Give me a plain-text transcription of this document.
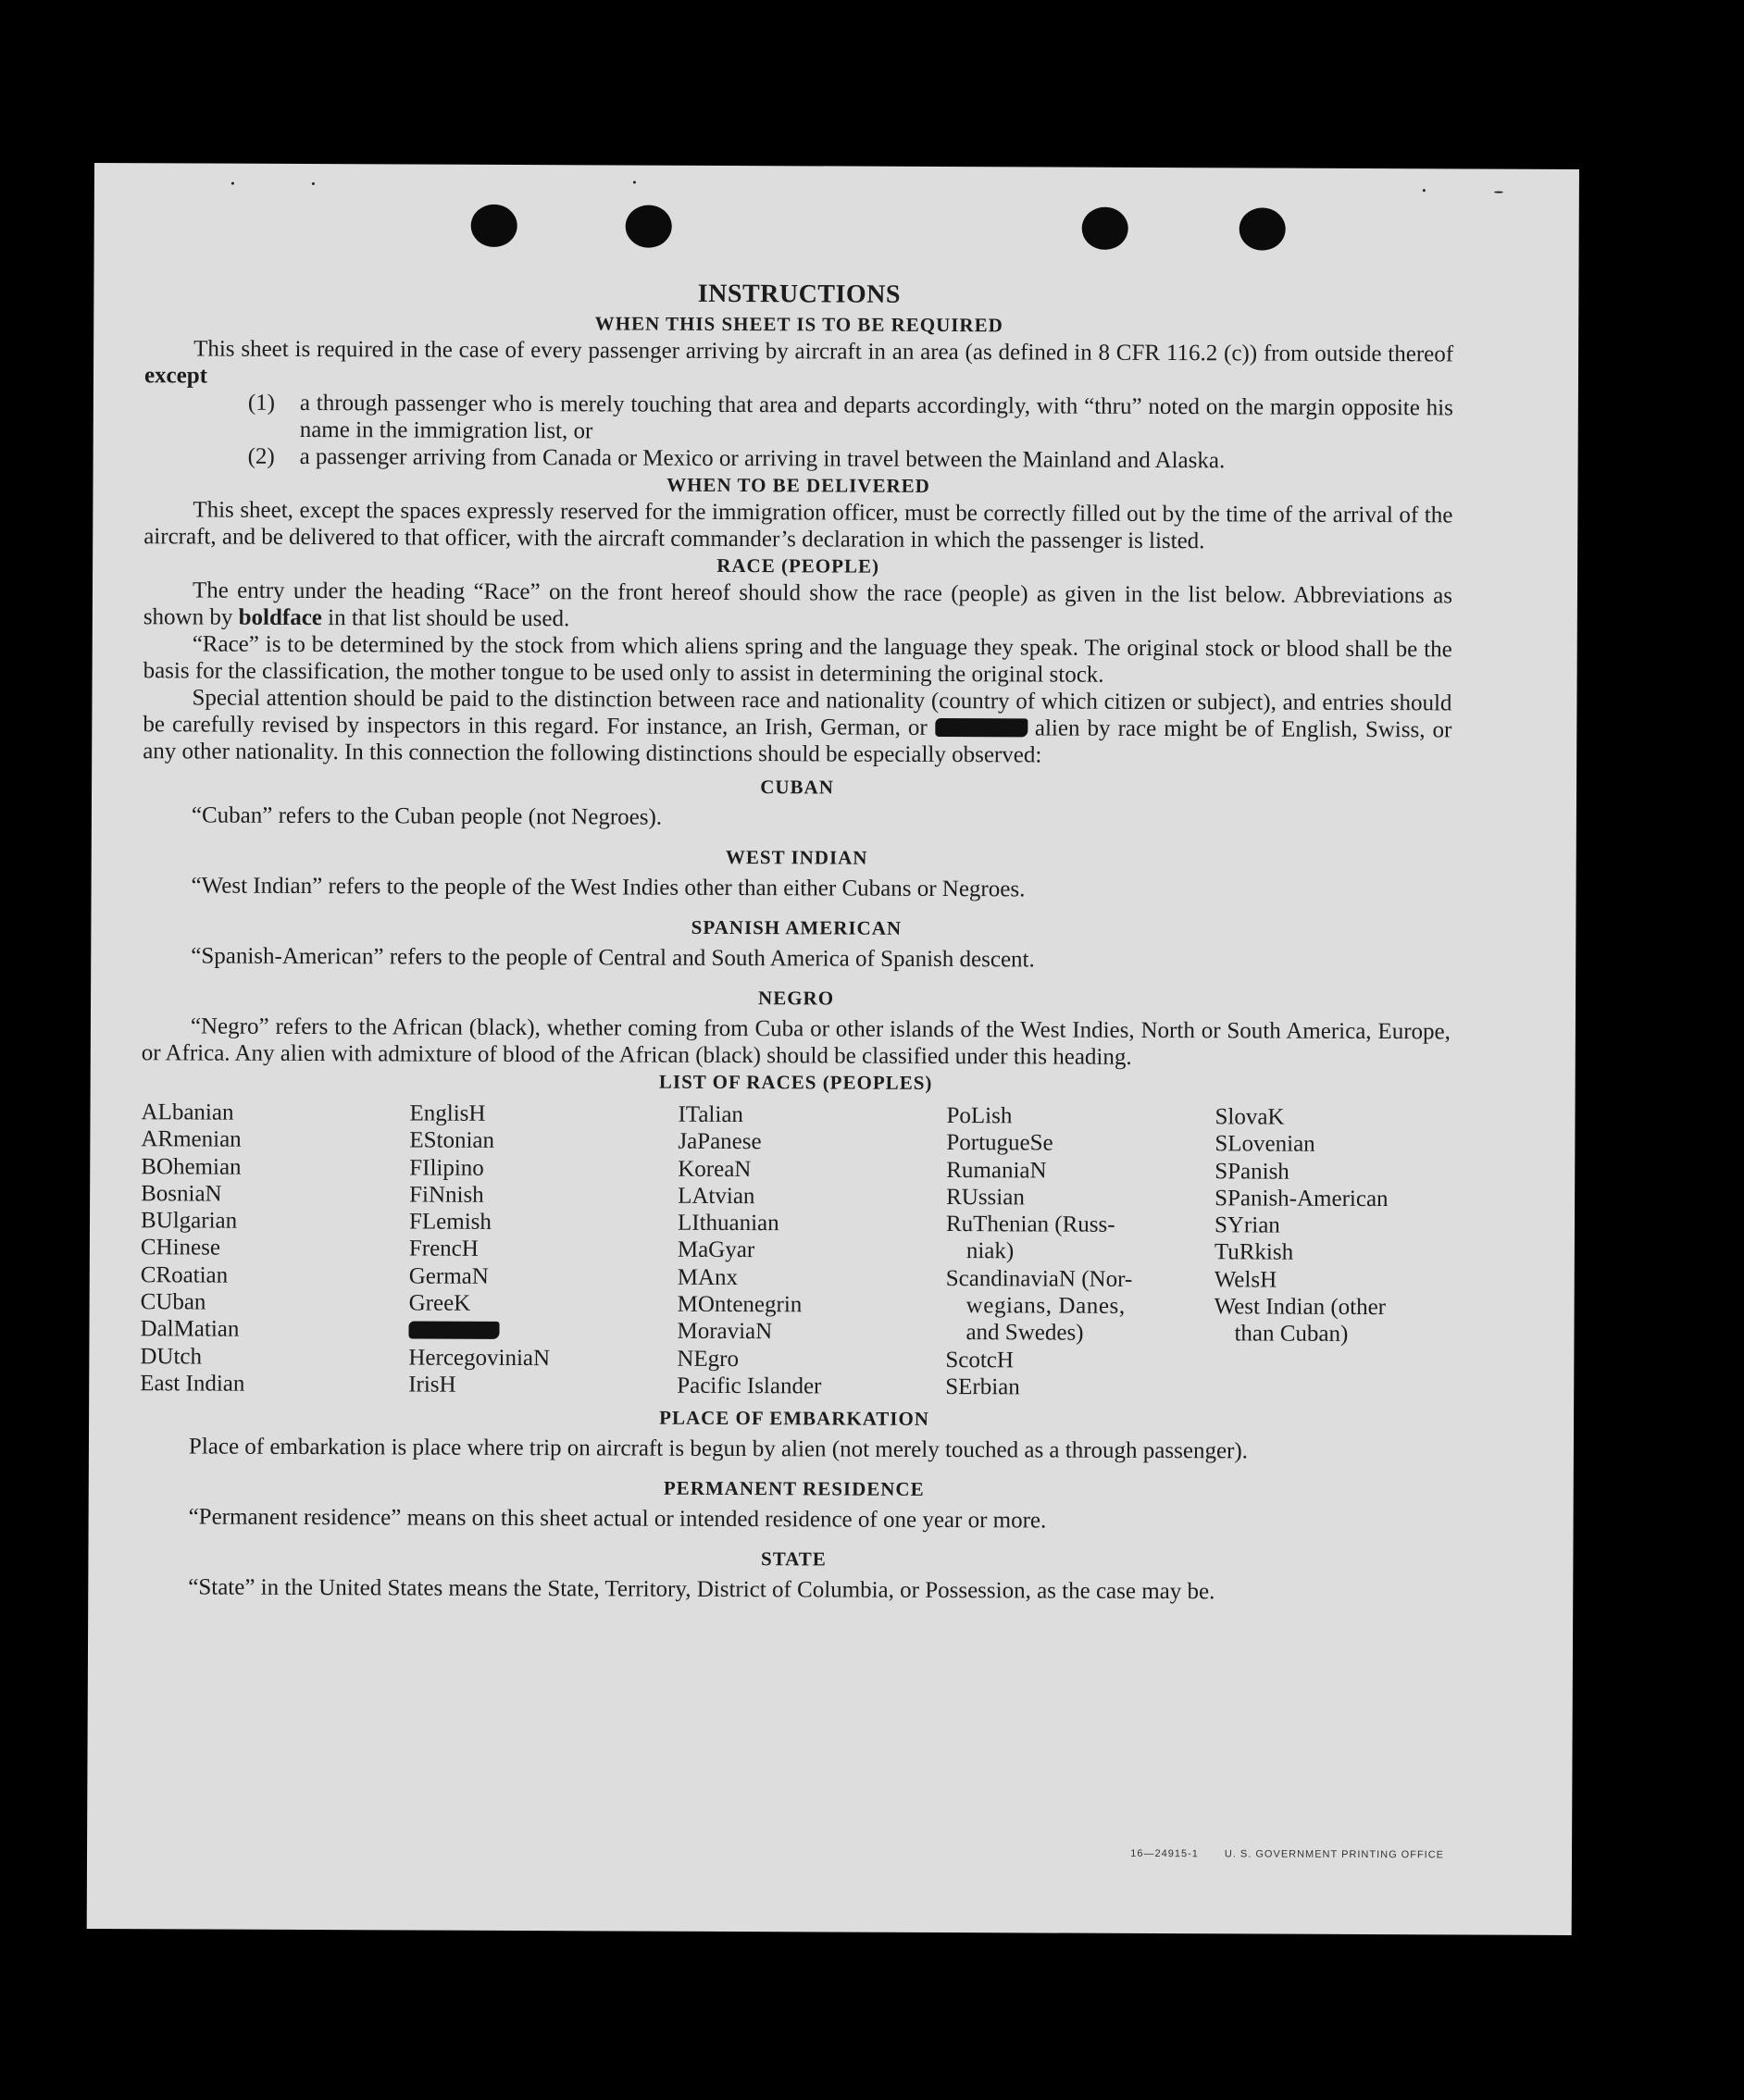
INSTRUCTIONS
WHEN THIS SHEET IS TO BE REQUIRED

This sheet is required in the case of every passenger arriving by aircraft in an area (as defined in 8 CFR 116.2 (c)) from outside thereof except

(1) a through passenger who is merely touching that area and departs accordingly, with “thru” noted on the margin opposite his name in the immigration list, or

(2) a passenger arriving from Canada or Mexico or arriving in travel between the Mainland and Alaska.

WHEN TO BE DELIVERED

This sheet, except the spaces expressly reserved for the immigration officer, must be correctly filled out by the time of the arrival of the aircraft, and be delivered to that officer, with the aircraft commander’s declaration in which the passenger is listed.

RACE (PEOPLE)

The entry under the heading “Race” on the front hereof should show the race (people) as given in the list below. Abbreviations as shown by boldface in that list should be used.

“Race” is to be determined by the stock from which aliens spring and the language they speak. The original stock or blood shall be the basis for the classification, the mother tongue to be used only to assist in determining the original stock.

Special attention should be paid to the distinction between race and nationality (country of which citizen or subject), and entries should be carefully revised by inspectors in this regard. For instance, an Irish, German, or	alien by race might be of English, Swiss, or any other nationality. In this connection the following distinctions should be especially observed:

CUBAN

“Cuban” refers to the Cuban people (not Negroes).

WEST INDIAN

“West Indian” refers to the people of the West Indies other than either Cubans or Negroes.

SPANISH AMERICAN

“Spanish-American” refers to the people of Central and South America of Spanish descent.

NEGRO

“Negro” refers to the African (black), whether coming from Cuba or other islands of the West Indies, North or South America, Europe, or Africa. Any alien with admixture of blood of the African (black) should be classified under this heading.

LIST OF RACES (PEOPLES)
ALbanian
ARmenian
BOhemian
BosniaN
BUlgarian
CHinese
CRoatian
CUban
DalMatian
DUtch
East Indian
EnglisH
EStonian
FIlipino
FiNnish
FLemish
FrencH
GermaN
GreeK
HercegoviniaN
IrisH
ITalian
JaPanese
KoreaN
LAtvian
LIthuanian
MaGyar
MAnx
MOntenegrin
MoraviaN
NEgro
Pacific Islander
PoLish
PortugueSe
RumaniaN
RUssian
RuThenian (Russ-
niak)
ScandinaviaN (Nor-
wegians, Danes,
and Swedes)
ScotcH
SErbian
SlovaK
SLovenian
SPanish
SPanish-American
SYrian
TuRkish
WelsH
West Indian (other
than Cuban)
PLACE OF EMBARKATION

Place of embarkation is place where trip on aircraft is begun by alien (not merely touched as a through passenger).

PERMANENT RESIDENCE

“Permanent residence” means on this sheet actual or intended residence of one year or more.

STATE

“State” in the United States means the State, Territory, District of Columbia, or Possession, as the case may be.

16—24915-1	U. S. GOVERNMENT PRINTING OFFICE
